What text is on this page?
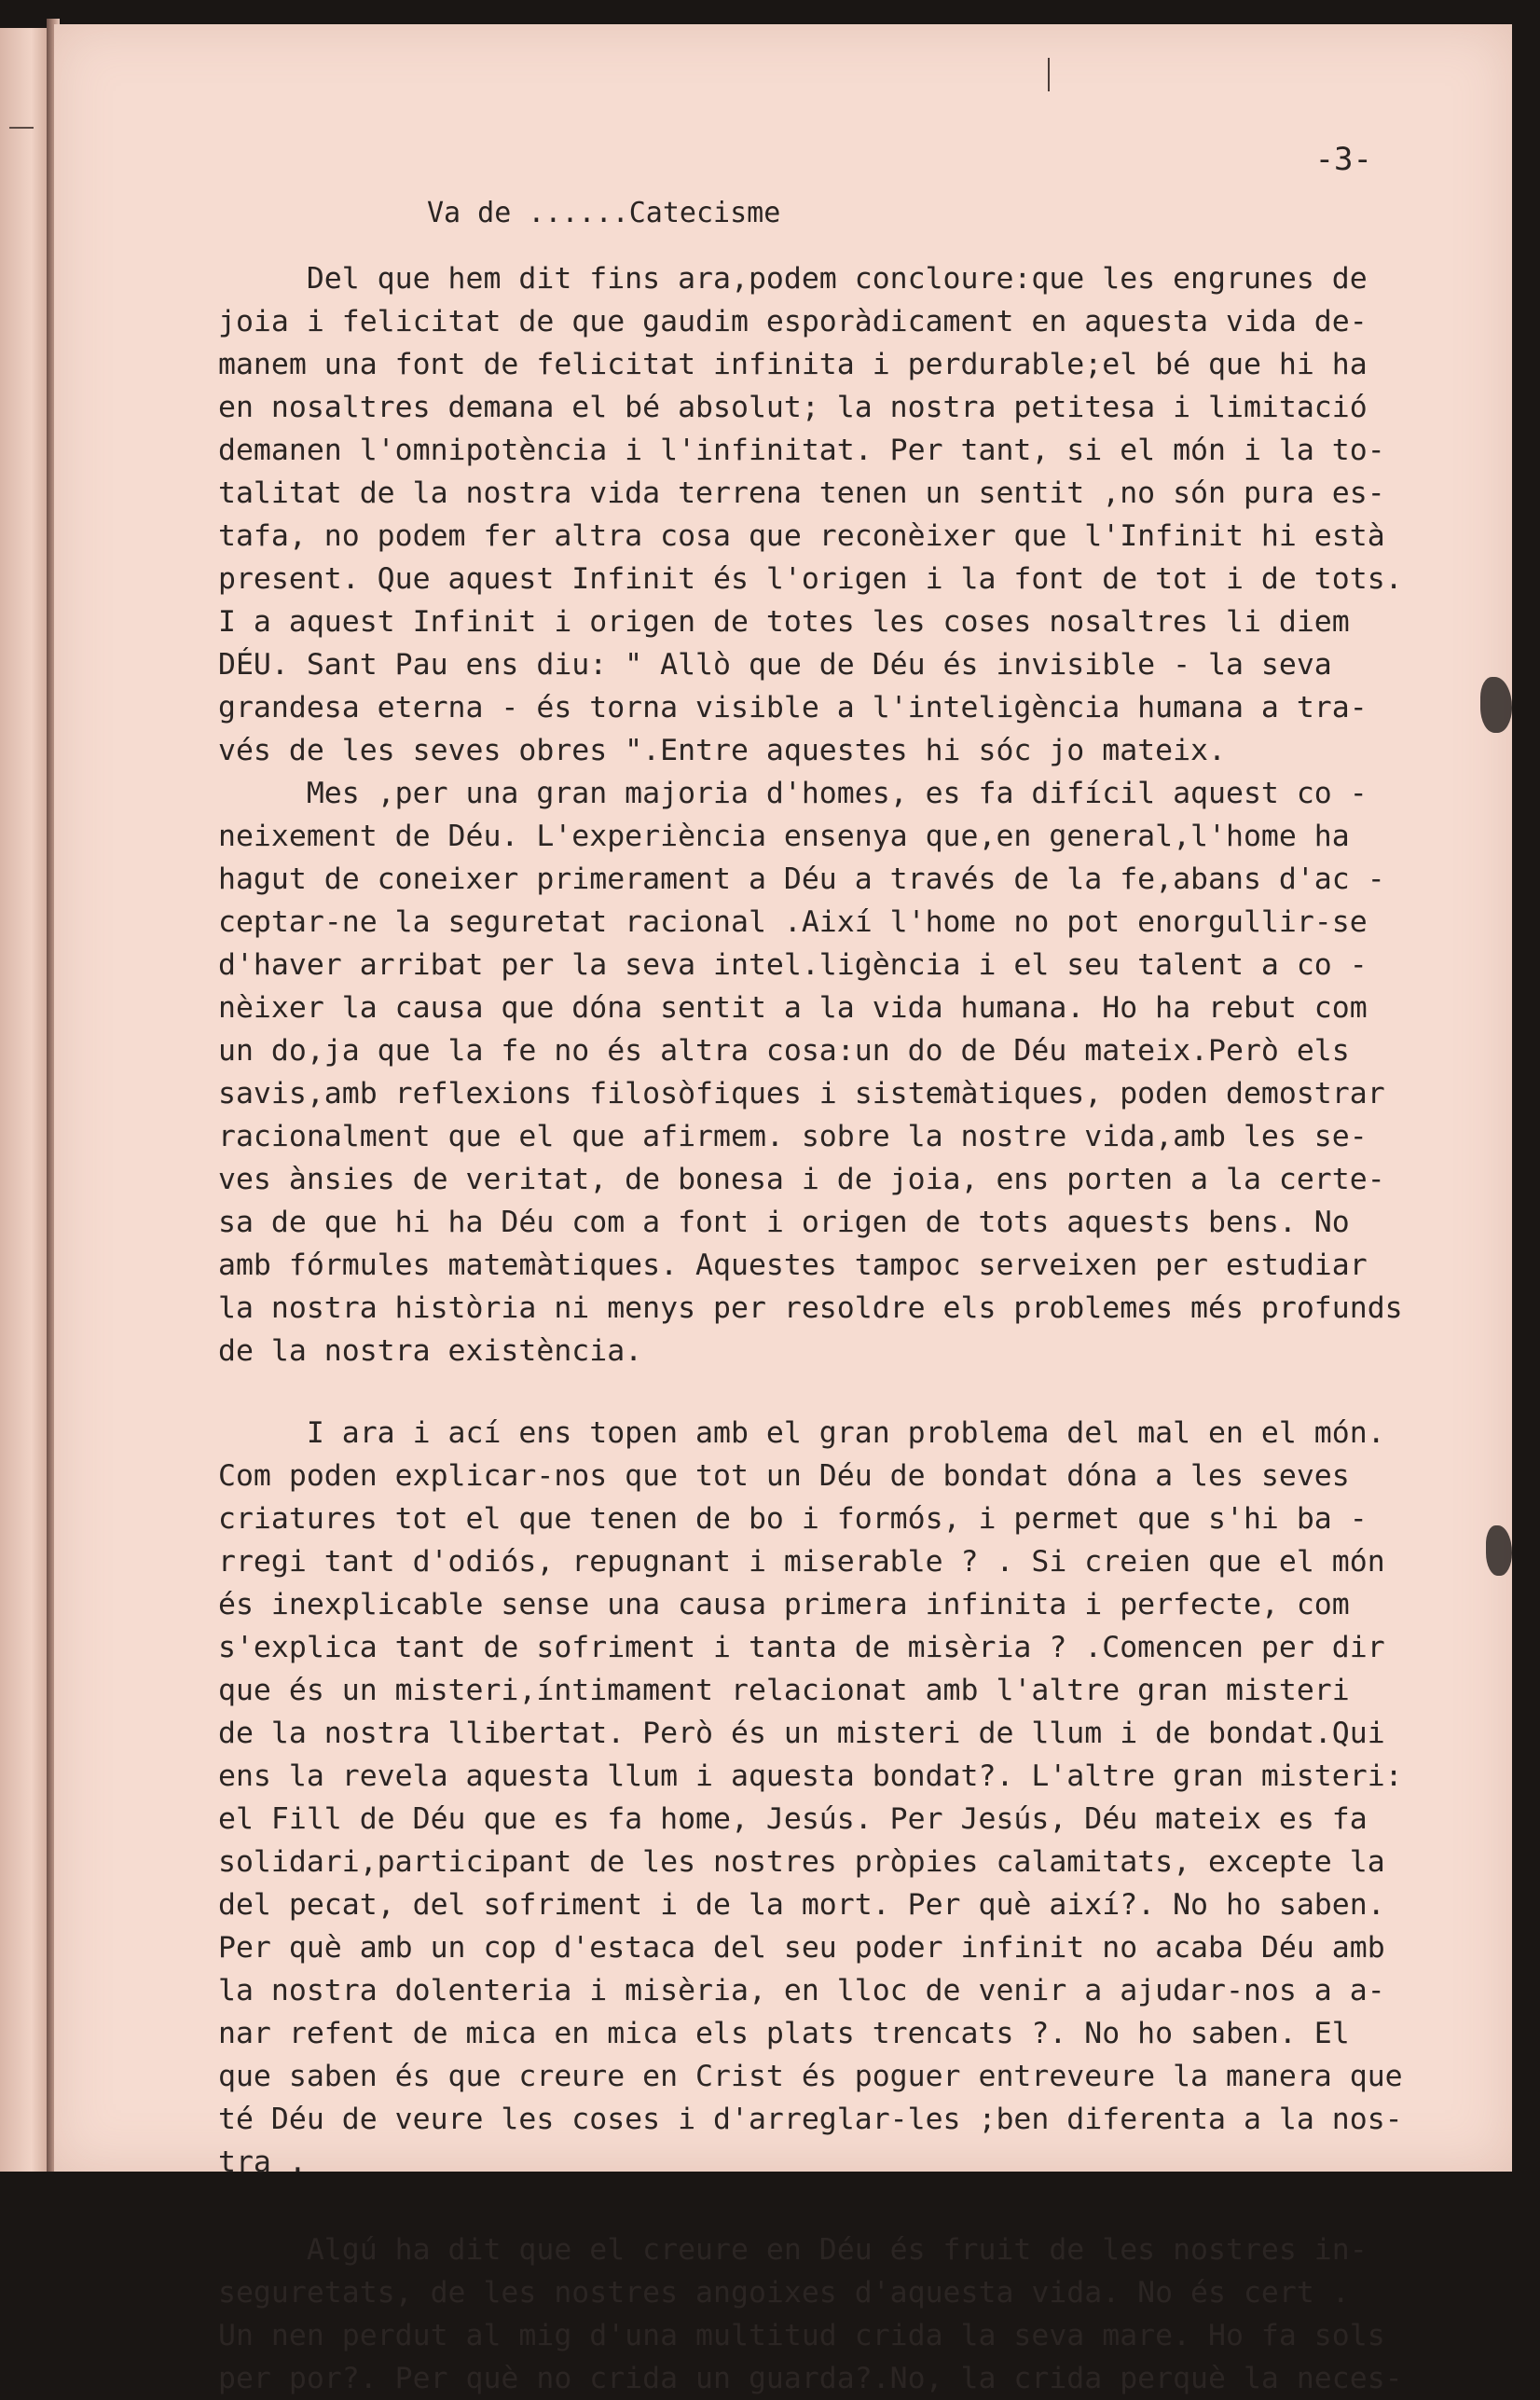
-3-
Va de ......Catecisme
Del que hem dit fins ara,podem concloure:que les engrunes de
joia i felicitat de que gaudim esporàdicament en aquesta vida de-
manem una font de felicitat infinita i perdurable;el bé que hi ha
en nosaltres demana el bé absolut; la nostra petitesa i limitació
demanen l'omnipotència i l'infinitat. Per tant, si el món i la to-
talitat de la nostra vida terrena tenen un sentit ,no són pura es-
tafa, no podem fer altra cosa que reconèixer que l'Infinit hi està
present. Que aquest Infinit és l'origen i la font de tot i de tots.
I a aquest Infinit i origen de totes les coses nosaltres li diem
DÉU. Sant Pau ens diu: " Allò que de Déu és invisible - la seva
grandesa eterna - és torna visible a l'inteligència humana a tra-
vés de les seves obres ".Entre aquestes hi sóc jo mateix.
Mes ,per una gran majoria d'homes, es fa difícil aquest co -
neixement de Déu. L'experiència ensenya que,en general,l'home ha
hagut de coneixer primerament a Déu a través de la fe,abans d'ac -
ceptar-ne la seguretat racional .Així l'home no pot enorgullir-se
d'haver arribat per la seva intel.ligència i el seu talent a co -
nèixer la causa que dóna sentit a la vida humana. Ho ha rebut com
un do,ja que la fe no és altra cosa:un do de Déu mateix.Però els
savis,amb reflexions filosòfiques i sistemàtiques, poden demostrar
racionalment que el que afirmem. sobre la nostre vida,amb les se-
ves ànsies de veritat, de bonesa i de joia, ens porten a la certe-
sa de que hi ha Déu com a font i origen de tots aquests bens. No
amb fórmules matemàtiques. Aquestes tampoc serveixen per estudiar
la nostra història ni menys per resoldre els problemes més profunds
de la nostra existència.
I ara i ací ens topen amb el gran problema del mal en el món.
Com poden explicar-nos que tot un Déu de bondat dóna a les seves
criatures tot el que tenen de bo i formós, i permet que s'hi ba -
rregi tant d'odiós, repugnant i miserable ? . Si creien que el món
és inexplicable sense una causa primera infinita i perfecte, com
s'explica tant de sofriment i tanta de misèria ? .Comencen per dir
que és un misteri,íntimament relacionat amb l'altre gran misteri
de la nostra llibertat. Però és un misteri de llum i de bondat.Qui
ens la revela aquesta llum i aquesta bondat?. L'altre gran misteri:
el Fill de Déu que es fa home, Jesús. Per Jesús, Déu mateix es fa
solidari,participant de les nostres pròpies calamitats, excepte la
del pecat, del sofriment i de la mort. Per què així?. No ho saben.
Per què amb un cop d'estaca del seu poder infinit no acaba Déu amb
la nostra dolenteria i misèria, en lloc de venir a ajudar-nos a a-
nar refent de mica en mica els plats trencats ?. No ho saben. El
que saben és que creure en Crist és poguer entreveure la manera que
té Déu de veure les coses i d'arreglar-les ;ben diferenta a la nos-
tra .
Algú ha dit que el creure en Déu és fruit de les nostres in-
seguretats, de les nostres angoixes d'aquesta vida. No és cert .
Un nen perdut al mig d'una multitud crida la seva mare. Ho fa sols
per por?. Per què no crida un guarda?.No, la crida perquè la neces-
